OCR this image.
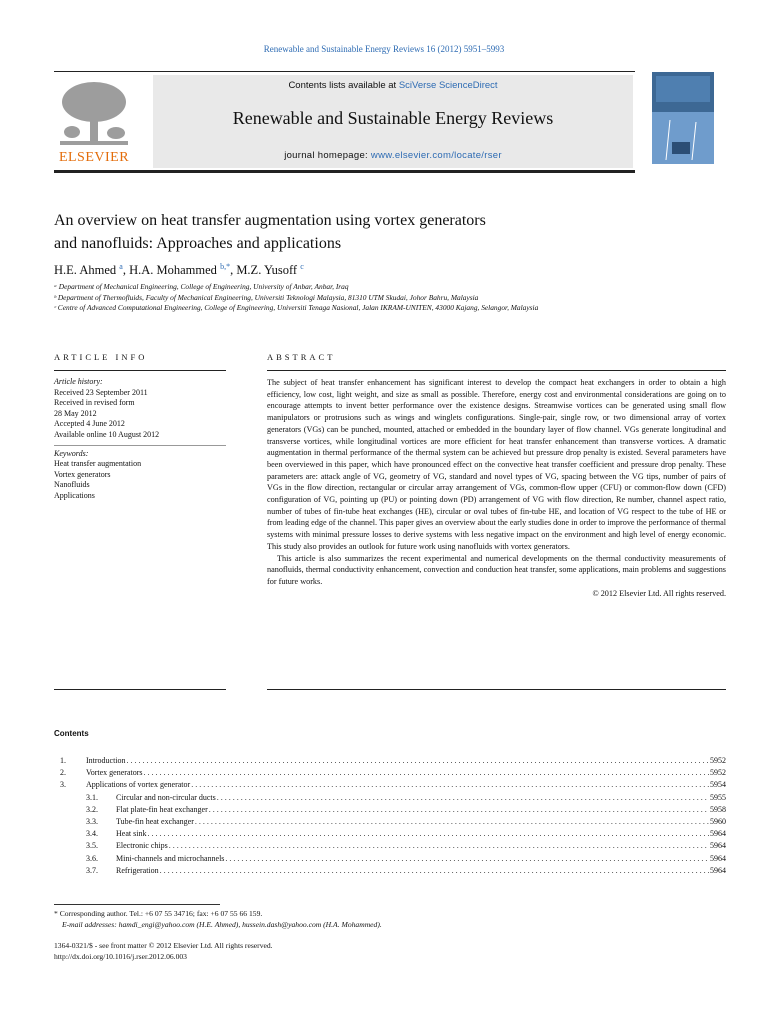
Renewable and Sustainable Energy Reviews 16 (2012) 5951–5993
ELSEVIER
Contents lists available at SciVerse ScienceDirect
Renewable and Sustainable Energy Reviews
journal homepage: www.elsevier.com/locate/rser
An overview on heat transfer augmentation using vortex generators
and nanofluids: Approaches and applications
H.E. Ahmed $^a$, H.A. Mohammed $^{b,*}$, M.Z. Yusoff $^c$
ᵃ Department of Mechanical Engineering, College of Engineering, University of Anbar, Anbar, Iraq
ᵇ Department of Thermofluids, Faculty of Mechanical Engineering, Universiti Teknologi Malaysia, 81310 UTM Skudai, Johor Bahru, Malaysia
ᶜ Centre of Advanced Computational Engineering, College of Engineering, Universiti Tenaga Nasional, Jalan IKRAM-UNITEN, 43000 Kajang, Selangor, Malaysia
ARTICLE INFO	ABSTRACT
Article history:
Received 23 September 2011
Received in revised form
28 May 2012
Accepted 4 June 2012
Available online 10 August 2012
Keywords:
Heat transfer augmentation
Vortex generators
Nanofluids
Applications

The subject of heat transfer enhancement has significant interest to develop the compact heat exchangers in order to obtain a high efficiency, low cost, light weight, and size as small as possible. Therefore, energy cost and environmental considerations are going on to encourage attempts to invent better performance over the existence designs. Streamwise vortices can be generated using small flow manipulators or protrusions such as wings and winglets configurations. Single-pair, single row, or two dimensional array of vortex generators (VGs) can be punched, mounted, attached or embedded in the boundary layer of flow channel. VGs generate longitudinal and transverse vortices, while longitudinal vortices are more efficient for heat transfer enhancement than transverse vortices. A dramatic augmentation in thermal performance of the thermal system can be achieved but pressure drop penalty is existed. Several parameters have been overviewed in this paper, which have pronounced effect on the convective heat transfer coefficient and pressure drop penalty. These parameters are: attack angle of VG, geometry of VG, standard and novel types of VG, spacing between the VG tips, number of pairs of VGs in the flow direction, rectangular or circular array arrangement of VGs, common-flow upper (CFU) or common-flow down (CFD) configuration of VG, pointing up (PU) or pointing down (PD) arrangement of VG with flow direction, Re number, channel aspect ratio, number of tubes of fin-tube heat exchanges (HE), circular or oval tubes of fin-tube HE, and location of VG respect to the tube of HE or from leading edge of the channel. This paper gives an overview about the early studies done in order to improve the performance of thermal systems with minimal pressure losses to derive systems with less negative impact on the environment and high level of energy economic. This study also provides an outlook for future work using nanofluids with vortex generators.

This article is also summarizes the recent experimental and numerical developments on the thermal conductivity measurements of nanofluids, thermal conductivity enhancement, convection and conduction heat transfer, some applications, main problems and suggestions for future works.

© 2012 Elsevier Ltd. All rights reserved.

Contents
1.	Introduction . . .	5952
2.	Vortex generators . . .	5952
3.	Applications of vortex generator . . .	5954
3.1.	Circular and non-circular ducts . . .	5955
3.2.	Flat plate-fin heat exchanger . . .	5958
3.3.	Tube-fin heat exchanger . . .	5960
3.4.	Heat sink . . .	5964
3.5.	Electronic chips . . .	5964
3.6.	Mini-channels and microchannels . . .	5964
3.7.	Refrigeration . . .	5964
* Corresponding author. Tel.: +6 07 55 34716; fax: +6 07 55 66 159.
E-mail addresses: hamdi_engi@yahoo.com (H.E. Ahmed), hussein.dash@yahoo.com (H.A. Mohammed).
1364-0321/$ - see front matter © 2012 Elsevier Ltd. All rights reserved.
http://dx.doi.org/10.1016/j.rser.2012.06.003
